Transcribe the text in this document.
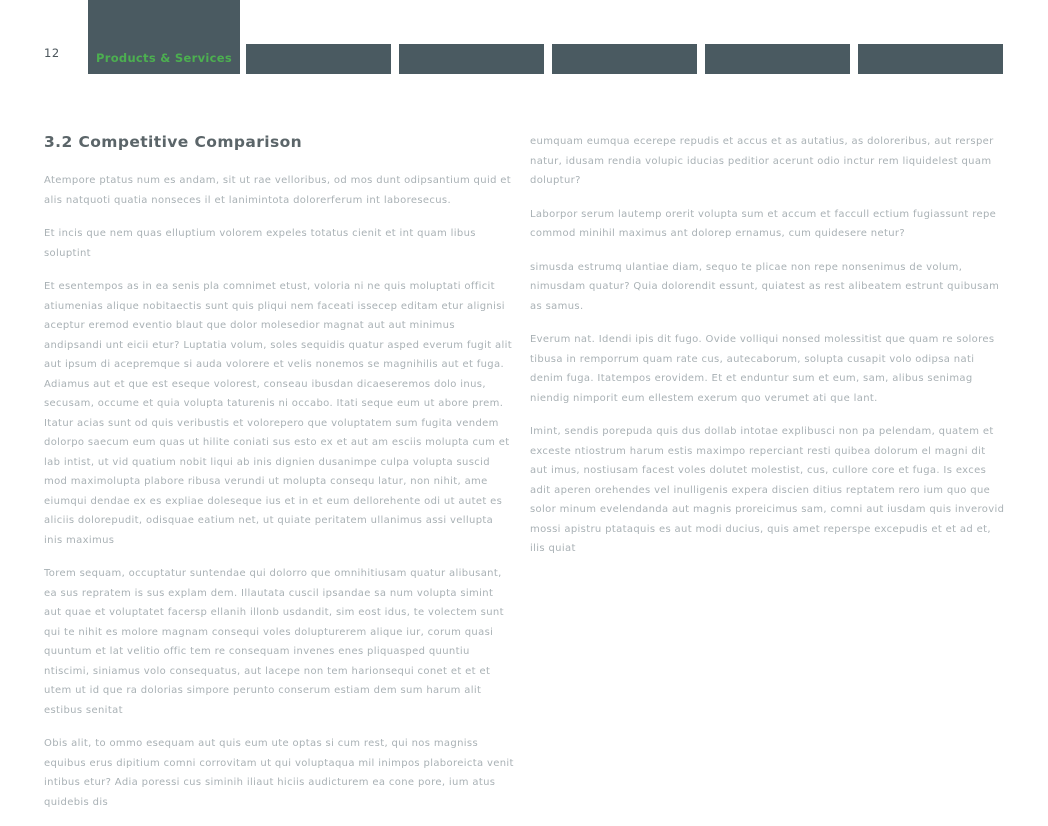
12	Products & Services
3.2 Competitive Comparison

Atempore ptatus num es andam, sit ut rae velloribus, od mos dunt odipsantium quid et alis natquoti quatia nonseces il et lanimintota dolorerferum int laboresecus.

Et incis que nem quas elluptium volorem expeles totatus cienit et int quam libus soluptint

Et esentempos as in ea senis pla comnimet etust, voloria ni ne quis moluptati officit atiumenias alique nobitaectis sunt quis pliqui nem faceati issecep editam etur alignisi aceptur eremod eventio blaut que dolor molesedior magnat aut aut minimus andipsandi unt eicii etur? Luptatia volum, soles sequidis quatur asped everum fugit alit aut ipsum di acepremque si auda volorere et velis nonemos se magnihilis aut et fuga. Adiamus aut et que est eseque volorest, conseau ibusdan dicaeseremos dolo inus, secusam, occume et quia volupta taturenis ni occabo. Itati seque eum ut abore prem. Itatur acias sunt od quis veribustis et volorepero que voluptatem sum fugita vendem dolorpo saecum eum quas ut hilite coniati sus esto ex et aut am esciis molupta cum et lab intist, ut vid quatium nobit liqui ab inis dignien dusanimpe culpa volupta suscid mod maximolupta plabore ribusa verundi ut molupta consequ latur, non nihit, ame eiumqui dendae ex es expliae doleseque ius et in et eum dellorehente odi ut autet es aliciis dolorepudit, odisquae eatium net, ut quiate peritatem ullanimus assi vellupta inis maximus

Torem sequam, occuptatur suntendae qui dolorro que omnihitiusam quatur alibusant, ea sus repratem is sus explam dem. Illautata cuscil ipsandae sa num volupta simint aut quae et voluptatet facersp ellanih illonb usdandit, sim eost idus, te volectem sunt qui te nihit es molore magnam consequi voles dolupturerem alique iur, corum quasi quuntum et lat velitio offic tem re consequam invenes enes pliquasped quuntiu ntiscimi, siniamus volo consequatus, aut lacepe non tem harionsequi conet et et et utem ut id que ra dolorias simpore perunto conserum estiam dem sum harum alit estibus senitat

Obis alit, to ommo esequam aut quis eum ute optas si cum rest, qui nos magniss equibus erus dipitium comni corrovitam ut qui voluptaqua mil inimpos plaboreicta venit intibus etur? Adia poressi cus siminih iliaut hiciis audicturem ea cone pore, ium atus quidebis dis

eumquam eumqua ecerepe repudis et accus et as autatius, as doloreribus, aut rersper natur, idusam rendia volupic iducias peditior acerunt odio inctur rem liquidelest quam doluptur?

Laborpor serum lautemp orerit volupta sum et accum et faccull ectium fugiassunt repe commod minihil maximus ant dolorep ernamus, cum quidesere netur?

simusda estrumq ulantiae diam, sequo te plicae non repe nonsenimus de volum, nimusdam quatur? Quia dolorendit essunt, quiatest as rest alibeatem estrunt quibusam as samus.

Everum nat. Idendi ipis dit fugo. Ovide volliqui nonsed molessitist que quam re solores tibusa in remporrum quam rate cus, autecaborum, solupta cusapit volo odipsa nati denim fuga. Itatempos erovidem. Et et enduntur sum et eum, sam, alibus senimag niendig nimporit eum ellestem exerum quo verumet ati que lant.

Imint, sendis porepuda quis dus dollab intotae explibusci non pa pelendam, quatem et exceste ntiostrum harum estis maximpo reperciant resti quibea dolorum el magni dit aut imus, nostiusam facest voles dolutet molestist, cus, cullore core et fuga. Is exces adit aperen orehendes vel inulligenis expera discien ditius reptatem rero ium quo que solor minum evelendanda aut magnis proreicimus sam, comni aut iusdam quis inverovid mossi apistru ptataquis es aut modi ducius, quis amet reperspe excepudis et et ad et, ilis quiat
